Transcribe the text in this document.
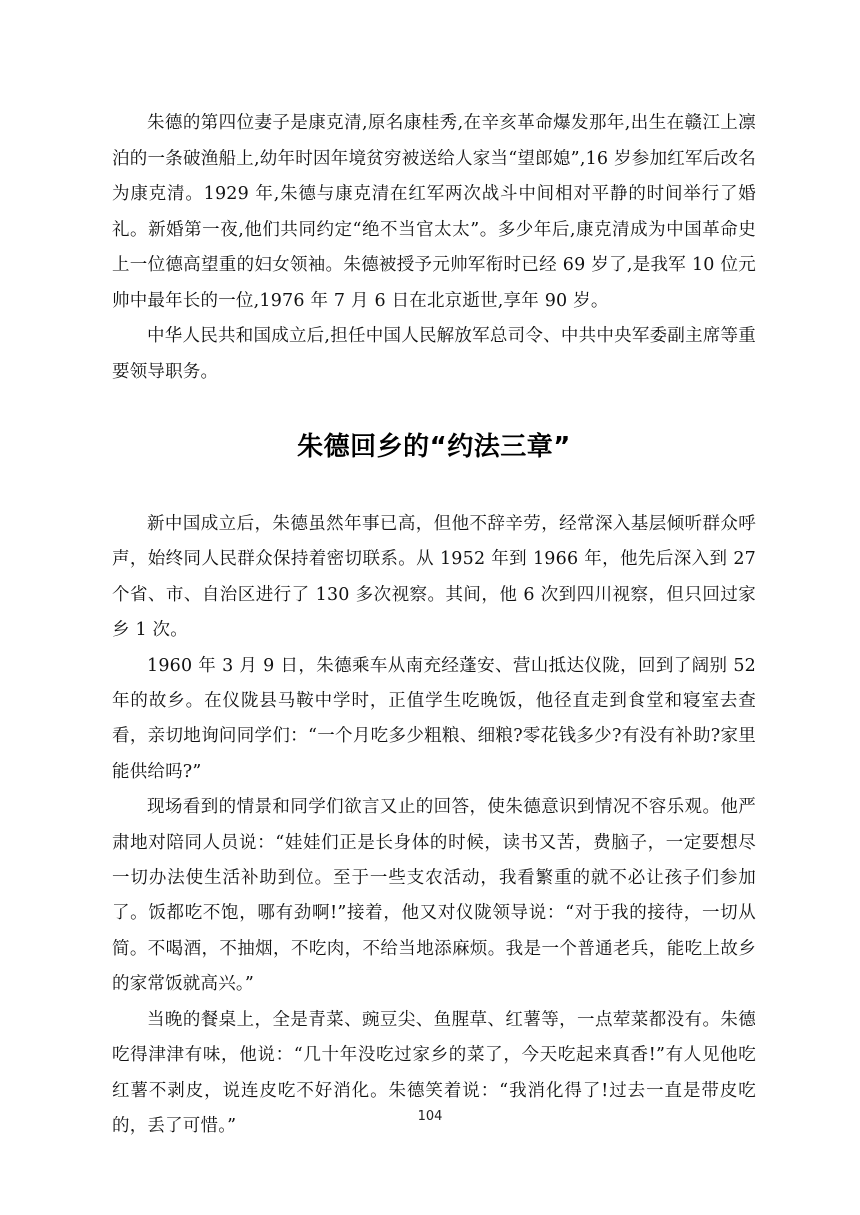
朱德的第四位妻子是康克清,原名康桂秀,在辛亥革命爆发那年,出生在赣江上凛泊的一条破渔船上,幼年时因年境贫穷被送给人家当“望郎媳”,16 岁参加红军后改名为康克清。1929 年,朱德与康克清在红军两次战斗中间相对平静的时间举行了婚礼。新婚第一夜,他们共同约定“绝不当官太太”。多少年后,康克清成为中国革命史上一位德高望重的妇女领袖。朱德被授予元帅军衔时已经 69 岁了,是我军 10 位元帅中最年长的一位,1976 年 7 月 6 日在北京逝世,享年 90 岁。

中华人民共和国成立后,担任中国人民解放军总司令、中共中央军委副主席等重要领导职务。

朱德回乡的“约法三章”

新中国成立后，朱德虽然年事已高，但他不辞辛劳，经常深入基层倾听群众呼声，始终同人民群众保持着密切联系。从 1952 年到 1966 年，他先后深入到 27 个省、市、自治区进行了 130 多次视察。其间，他 6 次到四川视察，但只回过家乡 1 次。

1960 年 3 月 9 日，朱德乘车从南充经蓬安、营山抵达仪陇，回到了阔别 52 年的故乡。在仪陇县马鞍中学时，正值学生吃晚饭，他径直走到食堂和寝室去查看，亲切地询问同学们：“一个月吃多少粗粮、细粮?零花钱多少?有没有补助?家里能供给吗?”

现场看到的情景和同学们欲言又止的回答，使朱德意识到情况不容乐观。他严肃地对陪同人员说：“娃娃们正是长身体的时候，读书又苦，费脑子，一定要想尽一切办法使生活补助到位。至于一些支农活动，我看繁重的就不必让孩子们参加了。饭都吃不饱，哪有劲啊!”接着，他又对仪陇领导说：“对于我的接待，一切从简。不喝酒，不抽烟，不吃肉，不给当地添麻烦。我是一个普通老兵，能吃上故乡的家常饭就高兴。”

当晚的餐桌上，全是青菜、豌豆尖、鱼腥草、红薯等，一点荤菜都没有。朱德吃得津津有味，他说：“几十年没吃过家乡的菜了，今天吃起来真香!”有人见他吃红薯不剥皮，说连皮吃不好消化。朱德笑着说：“我消化得了!过去一直是带皮吃的，丢了可惜。”	104
